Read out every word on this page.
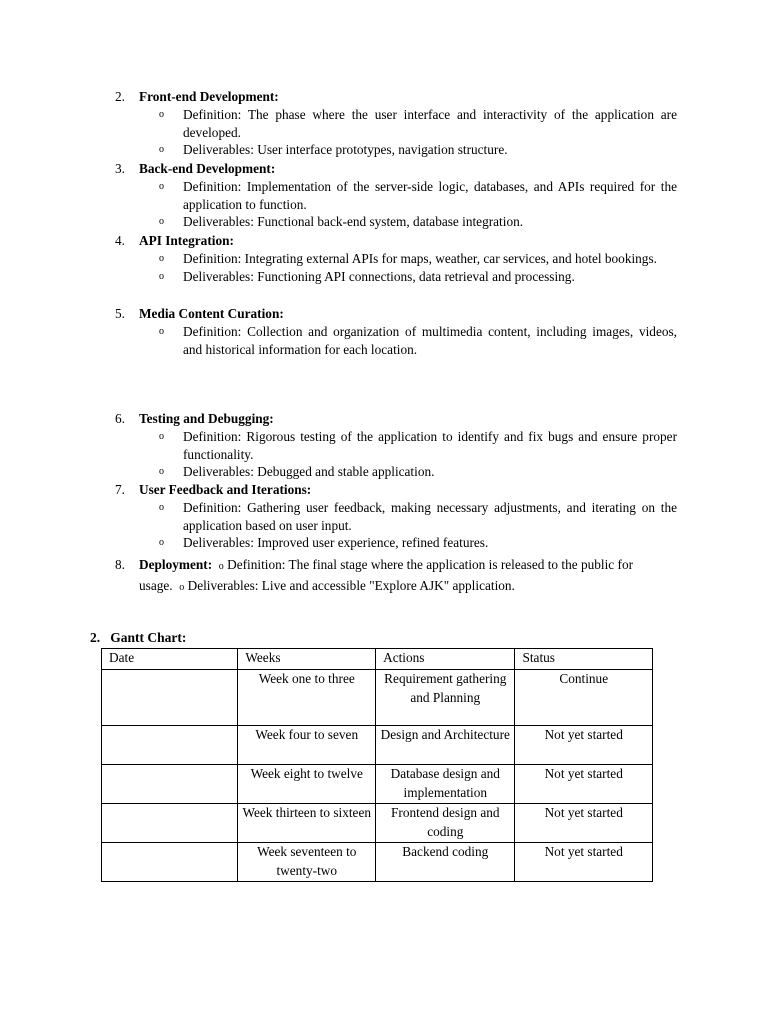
2.	Front-end Development:
o	Definition: The phase where the user interface and interactivity of the application are developed.
o	Deliverables: User interface prototypes, navigation structure.
3.	Back-end Development:
o	Definition: Implementation of the server-side logic, databases, and APIs required for the application to function.
o	Deliverables: Functional back-end system, database integration.
4.	API Integration:
o	Definition: Integrating external APIs for maps, weather, car services, and hotel bookings.
o	Deliverables: Functioning API connections, data retrieval and processing.
5.	Media Content Curation:
o	Definition: Collection and organization of multimedia content, including images, videos, and historical information for each location.
6.	Testing and Debugging:
o	Definition: Rigorous testing of the application to identify and fix bugs and ensure proper functionality.
o	Deliverables: Debugged and stable application.
7.	User Feedback and Iterations:
o	Definition: Gathering user feedback, making necessary adjustments, and iterating on the application based on user input.
o	Deliverables: Improved user experience, refined features.
8.	Deployment: o Definition: The final stage where the application is released to the public for
usage. o Deliverables: Live and accessible "Explore AJK" application.
2.   Gantt Chart:
Date	Weeks	Actions	Status
	Week one to three	Requirement gathering and Planning	Continue
	Week four to seven	Design and Architecture	Not yet started
	Week eight to twelve	Database design and implementation	Not yet started
	Week thirteen to sixteen	Frontend design and coding	Not yet started
	Week seventeen to twenty-two	Backend coding	Not yet started
